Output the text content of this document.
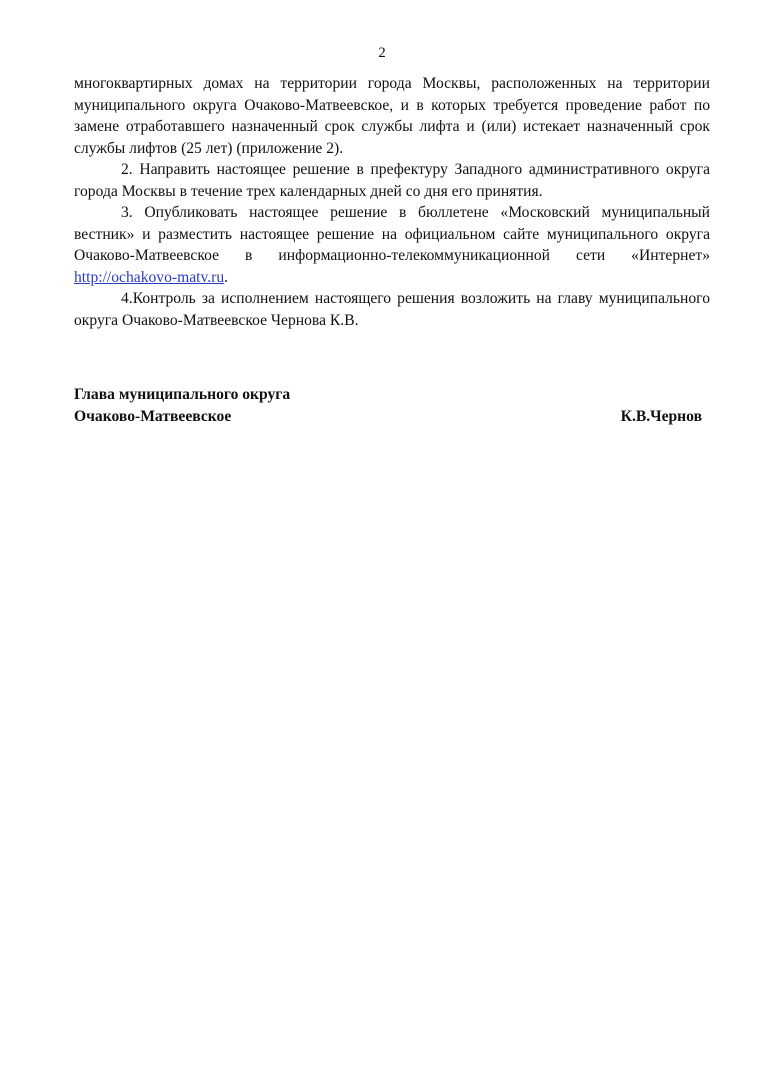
2

многоквартирных домах на территории города Москвы, расположенных на территории муниципального округа Очаково-Матвеевское, и в которых требуется проведение работ по замене отработавшего назначенный срок службы лифта и (или) истекает назначенный срок службы лифтов (25 лет) (приложение 2).

2. Направить настоящее решение в префектуру Западного административного округа города Москвы в течение трех календарных дней со дня его принятия.

3. Опубликовать настоящее решение в бюллетене «Московский муниципальный вестник» и разместить настоящее решение на официальном сайте муниципального округа Очаково-Матвеевское в информационно-телекоммуникационной сети «Интернет» http://ochakovo-matv.ru.

4.Контроль за исполнением настоящего решения возложить на главу муниципального округа Очаково-Матвеевское Чернова К.В.

Глава муниципального округа
Очаково-Матвеевское	К.В.Чернов
